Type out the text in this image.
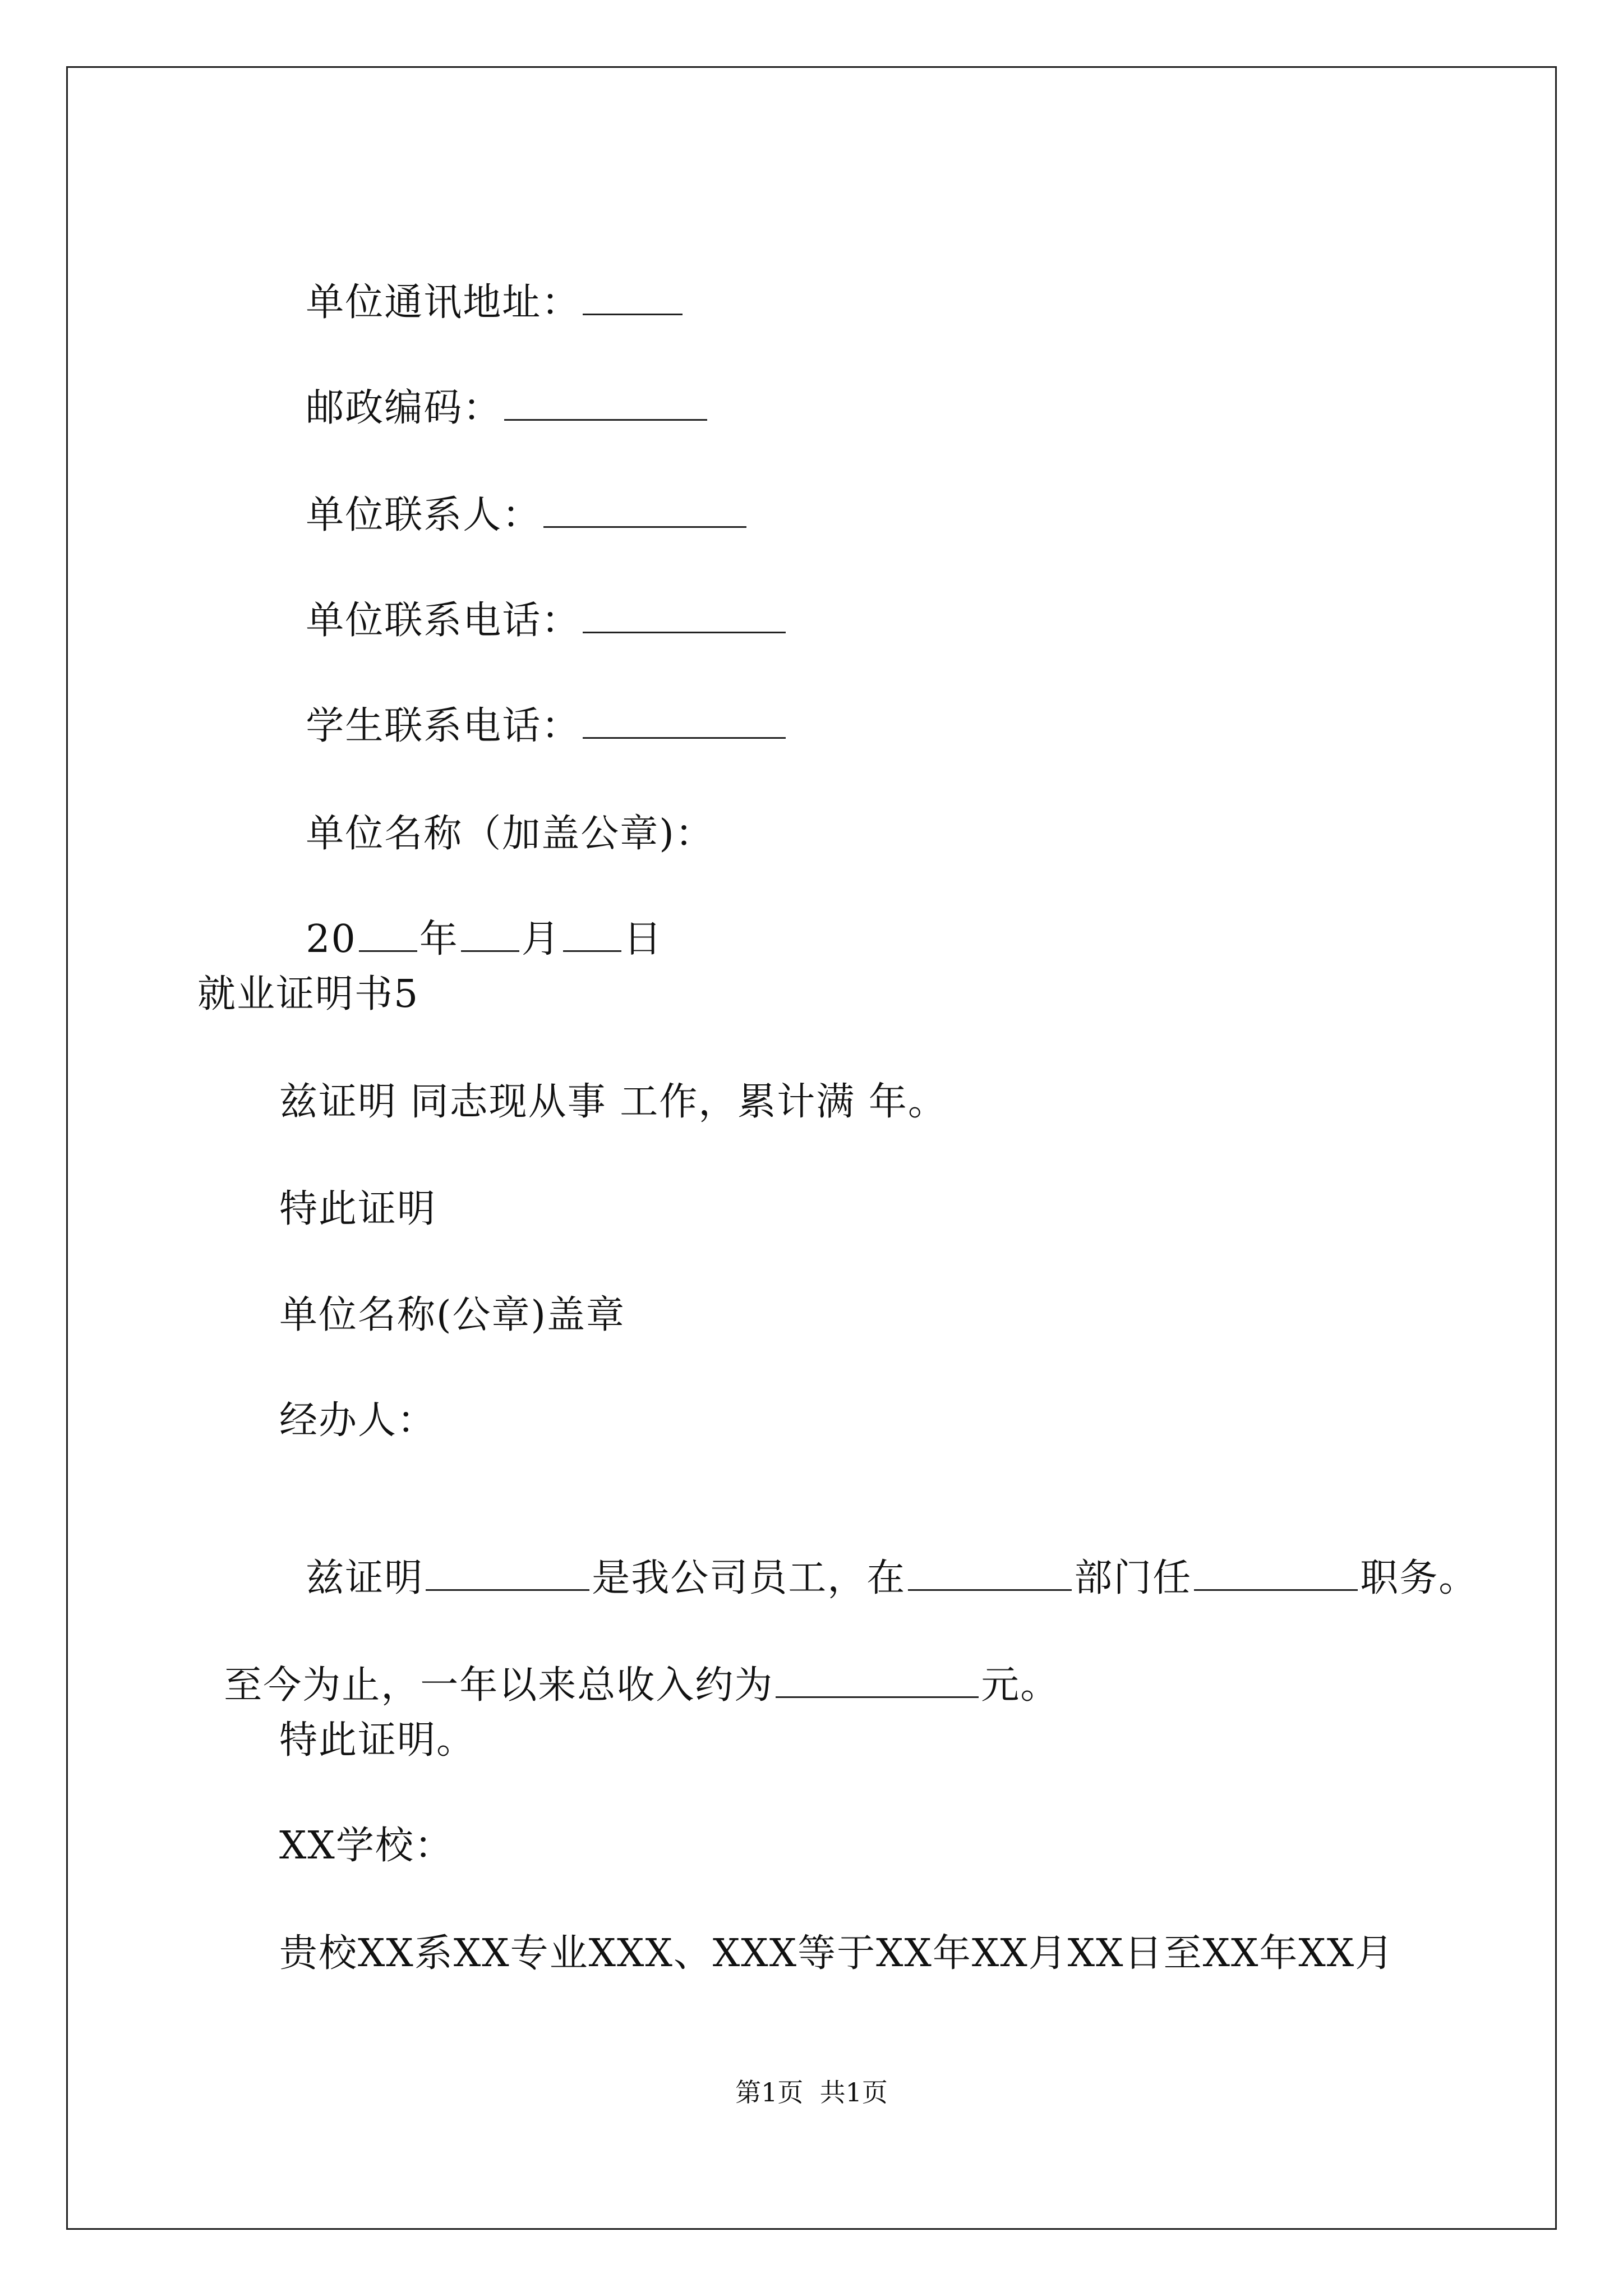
单位通讯地址：

邮政编码：

单位联系人：

单位联系电话：

学生联系电话：

单位名称（加盖公章)：

20 年 月 日

就业证明书5
兹证明 同志现从事 工作，累计满 年。
特此证明
单位名称(公章)盖章
经办人：

兹证明	是我公司员工，在	部门任	职务。

至今为止，一年以来总收入约为	元。

特此证明。
XX学校：
贵校XX系XX专业XXX、XXX等于XX年XX月XX日至XX年XX月
第1页  共1页
